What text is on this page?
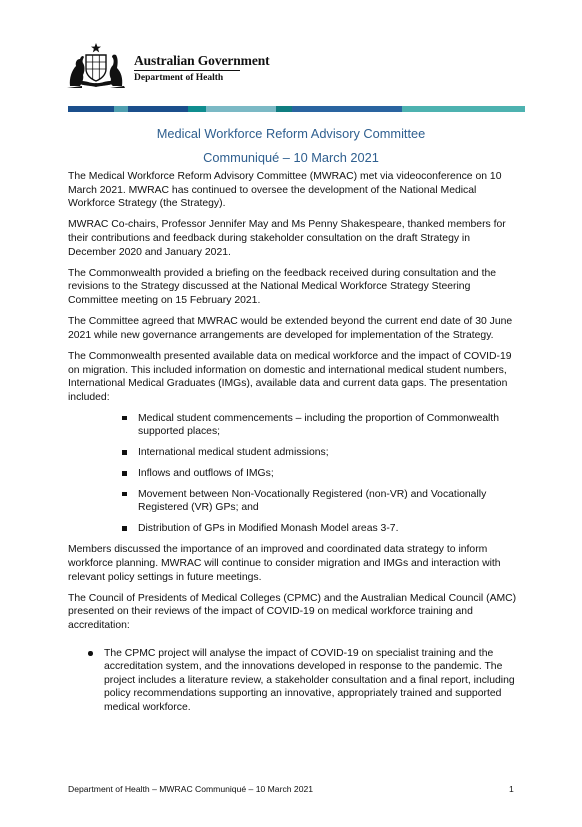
Australian Government
Department of Health
Medical Workforce Reform Advisory Committee
Communiqué – 10 March 2021

The Medical Workforce Reform Advisory Committee (MWRAC) met via videoconference on 10 March 2021. MWRAC has continued to oversee the development of the National Medical Workforce Strategy (the Strategy).

MWRAC Co-chairs, Professor Jennifer May and Ms Penny Shakespeare, thanked members for their contributions and feedback during stakeholder consultation on the draft Strategy in December 2020 and January 2021.

The Commonwealth provided a briefing on the feedback received during consultation and the revisions to the Strategy discussed at the National Medical Workforce Strategy Steering Committee meeting on 15 February 2021.

The Committee agreed that MWRAC would be extended beyond the current end date of 30 June 2021 while new governance arrangements are developed for implementation of the Strategy.

The Commonwealth presented available data on medical workforce and the impact of COVID-19 on migration. This included information on domestic and international medical student numbers, International Medical Graduates (IMGs), available data and current data gaps. The presentation included:

Medical student commencements – including the proportion of Commonwealth supported places;
International medical student admissions;
Inflows and outflows of IMGs;
Movement between Non-Vocationally Registered (non-VR) and Vocationally Registered (VR) GPs; and
Distribution of GPs in Modified Monash Model areas 3-7.

Members discussed the importance of an improved and coordinated data strategy to inform workforce planning. MWRAC will continue to consider migration and IMGs and interaction with relevant policy settings in future meetings.

The Council of Presidents of Medical Colleges (CPMC) and the Australian Medical Council (AMC) presented on their reviews of the impact of COVID-19 on medical workforce training and accreditation:

The CPMC project will analyse the impact of COVID-19 on specialist training and the accreditation system, and the innovations developed in response to the pandemic. The project includes a literature review, a stakeholder consultation and a final report, including policy recommendations supporting an innovative, appropriately trained and supported medical workforce.
Department of Health – MWRAC Communiqué – 10 March 2021	1
